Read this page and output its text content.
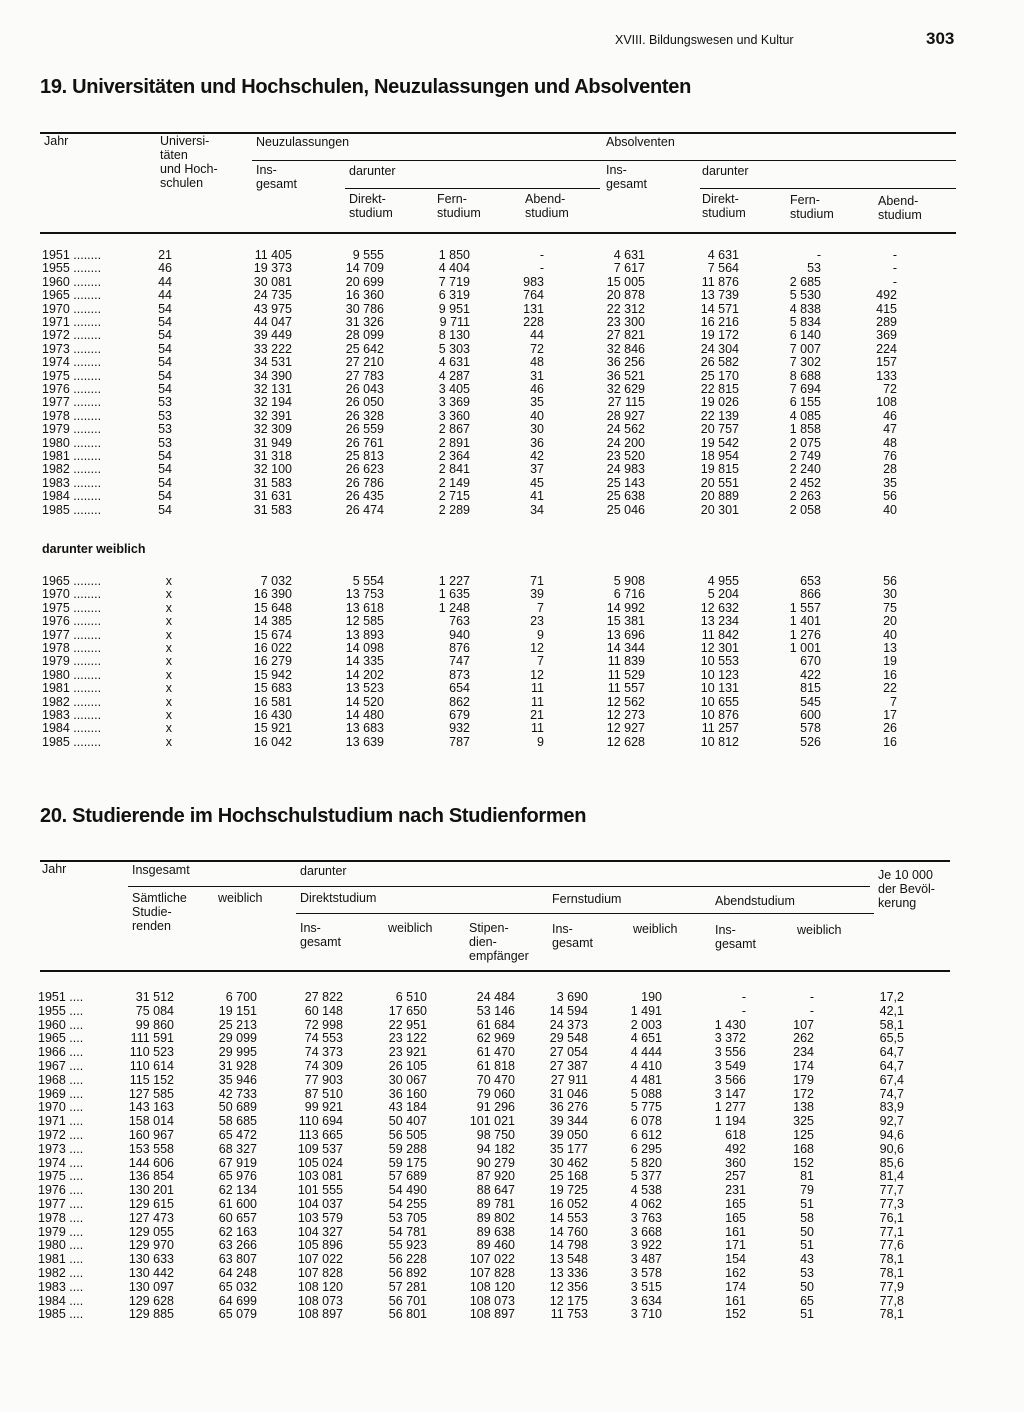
XVIII. Bildungswesen und Kultur	303
19. Universitäten und Hochschulen, Neuzulassungen und Absolventen
Jahr	Universi-
täten
und Hoch-
schulen
Neuzulassungen	Absolventen
Ins-
gesamt
darunter	Ins-
gesamt
darunter
Direkt-
studium
Fern-
studium
Abend-
studium
Direkt-
studium
Fern-
studium
Abend-
studium
1951 ........	21	11 405	9 555	1 850	-	4 631	4 631	-	-
1955 ........	46	19 373	14 709	4 404	-	7 617	7 564	53	-
1960 ........	44	30 081	20 699	7 719	983	15 005	11 876	2 685	-
1965 ........	44	24 735	16 360	6 319	764	20 878	13 739	5 530	492
1970 ........	54	43 975	30 786	9 951	131	22 312	14 571	4 838	415
1971 ........	54	44 047	31 326	9 711	228	23 300	16 216	5 834	289
1972 ........	54	39 449	28 099	8 130	44	27 821	19 172	6 140	369
1973 ........	54	33 222	25 642	5 303	72	32 846	24 304	7 007	224
1974 ........	54	34 531	27 210	4 631	48	36 256	26 582	7 302	157
1975 ........	54	34 390	27 783	4 287	31	36 521	25 170	8 688	133
1976 ........	54	32 131	26 043	3 405	46	32 629	22 815	7 694	72
1977 ........	53	32 194	26 050	3 369	35	27 115	19 026	6 155	108
1978 ........	53	32 391	26 328	3 360	40	28 927	22 139	4 085	46
1979 ........	53	32 309	26 559	2 867	30	24 562	20 757	1 858	47
1980 ........	53	31 949	26 761	2 891	36	24 200	19 542	2 075	48
1981 ........	54	31 318	25 813	2 364	42	23 520	18 954	2 749	76
1982 ........	54	32 100	26 623	2 841	37	24 983	19 815	2 240	28
1983 ........	54	31 583	26 786	2 149	45	25 143	20 551	2 452	35
1984 ........	54	31 631	26 435	2 715	41	25 638	20 889	2 263	56
1985 ........	54	31 583	26 474	2 289	34	25 046	20 301	2 058	40
darunter weiblich
1965 ........	x	7 032	5 554	1 227	71	5 908	4 955	653	56
1970 ........	x	16 390	13 753	1 635	39	6 716	5 204	866	30
1975 ........	x	15 648	13 618	1 248	7	14 992	12 632	1 557	75
1976 ........	x	14 385	12 585	763	23	15 381	13 234	1 401	20
1977 ........	x	15 674	13 893	940	9	13 696	11 842	1 276	40
1978 ........	x	16 022	14 098	876	12	14 344	12 301	1 001	13
1979 ........	x	16 279	14 335	747	7	11 839	10 553	670	19
1980 ........	x	15 942	14 202	873	12	11 529	10 123	422	16
1981 ........	x	15 683	13 523	654	11	11 557	10 131	815	22
1982 ........	x	16 581	14 520	862	11	12 562	10 655	545	7
1983 ........	x	16 430	14 480	679	21	12 273	10 876	600	17
1984 ........	x	15 921	13 683	932	11	12 927	11 257	578	26
1985 ........	x	16 042	13 639	787	9	12 628	10 812	526	16
20. Studierende im Hochschulstudium nach Studienformen
Jahr	Insgesamt	darunter	Je 10 000
der Bevöl-
kerung
Sämtliche
Studie-
renden
weiblich	Direktstudium	Fernstudium	Abendstudium
Ins-
gesamt
weiblich	Stipen-
dien-
empfänger
Ins-
gesamt
weiblich	Ins-
gesamt
weiblich
1951 ....	31 512	6 700	27 822	6 510	24 484	3 690	190	-	-	17,2
1955 ....	75 084	19 151	60 148	17 650	53 146	14 594	1 491	-	-	42,1
1960 ....	99 860	25 213	72 998	22 951	61 684	24 373	2 003	1 430	107	58,1
1965 ....	111 591	29 099	74 553	23 122	62 969	29 548	4 651	3 372	262	65,5
1966 ....	110 523	29 995	74 373	23 921	61 470	27 054	4 444	3 556	234	64,7
1967 ....	110 614	31 928	74 309	26 105	61 818	27 387	4 410	3 549	174	64,7
1968 ....	115 152	35 946	77 903	30 067	70 470	27 911	4 481	3 566	179	67,4
1969 ....	127 585	42 733	87 510	36 160	79 060	31 046	5 088	3 147	172	74,7
1970 ....	143 163	50 689	99 921	43 184	91 296	36 276	5 775	1 277	138	83,9
1971 ....	158 014	58 685	110 694	50 407	101 021	39 344	6 078	1 194	325	92,7
1972 ....	160 967	65 472	113 665	56 505	98 750	39 050	6 612	618	125	94,6
1973 ....	153 558	68 327	109 537	59 288	94 182	35 177	6 295	492	168	90,6
1974 ....	144 606	67 919	105 024	59 175	90 279	30 462	5 820	360	152	85,6
1975 ....	136 854	65 976	103 081	57 689	87 920	25 168	5 377	257	81	81,4
1976 ....	130 201	62 134	101 555	54 490	88 647	19 725	4 538	231	79	77,7
1977 ....	129 615	61 600	104 037	54 255	89 781	16 052	4 062	165	51	77,3
1978 ....	127 473	60 657	103 579	53 705	89 802	14 553	3 763	165	58	76,1
1979 ....	129 055	62 163	104 327	54 781	89 638	14 760	3 668	161	50	77,1
1980 ....	129 970	63 266	105 896	55 923	89 460	14 798	3 922	171	51	77,6
1981 ....	130 633	63 807	107 022	56 228	107 022	13 548	3 487	154	43	78,1
1982 ....	130 442	64 248	107 828	56 892	107 828	13 336	3 578	162	53	78,1
1983 ....	130 097	65 032	108 120	57 281	108 120	12 356	3 515	174	50	77,9
1984 ....	129 628	64 699	108 073	56 701	108 073	12 175	3 634	161	65	77,8
1985 ....	129 885	65 079	108 897	56 801	108 897	11 753	3 710	152	51	78,1
